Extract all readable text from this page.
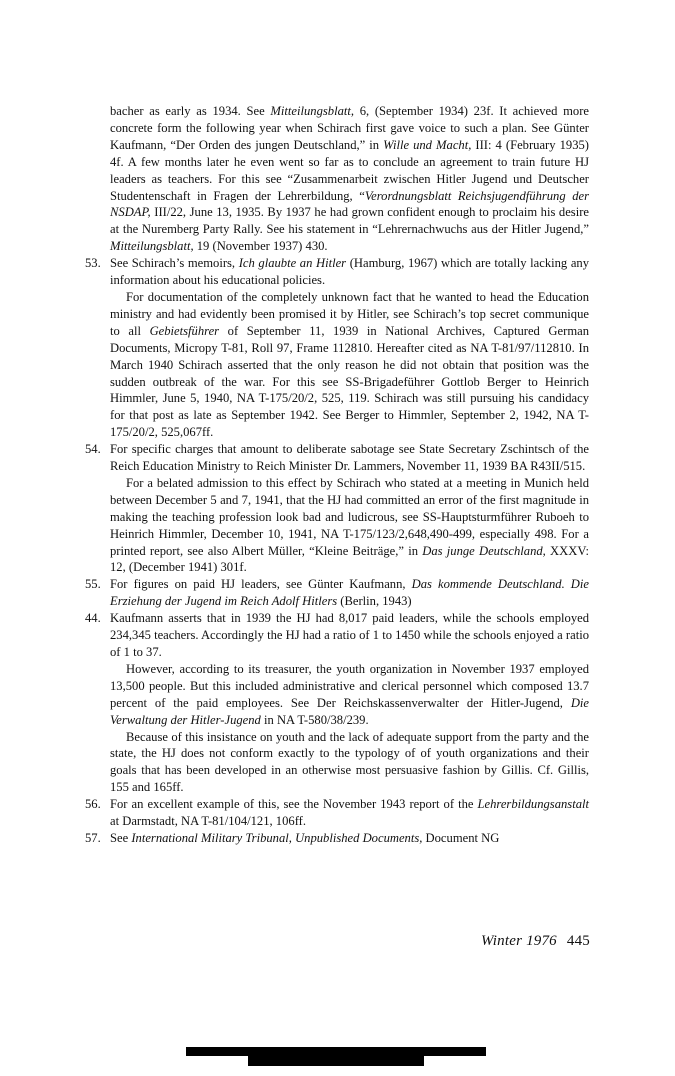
bacher as early as 1934. See Mitteilungsblatt, 6, (September 1934) 23f. It achieved more concrete form the following year when Schirach first gave voice to such a plan. See Günter Kaufmann, “Der Orden des jungen Deutschland,” in Wille und Macht, III: 4 (February 1935) 4f. A few months later he even went so far as to conclude an agreement to train future HJ leaders as teachers. For this see “Zusammenarbeit zwischen Hitler Jugend und Deutscher Studentenschaft in Fragen der Lehrerbildung, “Verordnungsblatt Reichsjugendführung der NSDAP, III/22, June 13, 1935. By 1937 he had grown confident enough to proclaim his desire at the Nuremberg Party Rally. See his statement in “Lehrernachwuchs aus der Hitler Jugend,” Mitteilungsblatt, 19 (November 1937) 430.

53. See Schirach’s memoirs, Ich glaubte an Hitler (Hamburg, 1967) which are totally lacking any information about his educational policies.

For documentation of the completely unknown fact that he wanted to head the Education ministry and had evidently been promised it by Hitler, see Schirach’s top secret communique to all Gebietsführer of September 11, 1939 in National Archives, Captured German Documents, Micropy T-81, Roll 97, Frame 112810. Hereafter cited as NA T-81/97/112810. In March 1940 Schirach asserted that the only reason he did not obtain that position was the sudden outbreak of the war. For this see SS-Brigadeführer Gottlob Berger to Heinrich Himmler, June 5, 1940, NA T-175/20/2, 525, 119. Schirach was still pursuing his candidacy for that post as late as September 1942. See Berger to Himmler, September 2, 1942, NA T-175/20/2, 525,067ff.

54. For specific charges that amount to deliberate sabotage see State Secretary Zschintsch of the Reich Education Ministry to Reich Minister Dr. Lammers, November 11, 1939 BA R43II/515.

For a belated admission to this effect by Schirach who stated at a meeting in Munich held between December 5 and 7, 1941, that the HJ had committed an error of the first magnitude in making the teaching profession look bad and ludicrous, see SS-Hauptsturmführer Ruboeh to Heinrich Himmler, December 10, 1941, NA T-175/123/2,648,490-499, especially 498. For a printed report, see also Albert Müller, “Kleine Beiträge,” in Das junge Deutschland, XXXV: 12, (December 1941) 301f.

55. For figures on paid HJ leaders, see Günter Kaufmann, Das kommende Deutschland. Die Erziehung der Jugend im Reich Adolf Hitlers (Berlin, 1943)

44. Kaufmann asserts that in 1939 the HJ had 8,017 paid leaders, while the schools employed 234,345 teachers. Accordingly the HJ had a ratio of 1 to 1450 while the schools enjoyed a ratio of 1 to 37.

However, according to its treasurer, the youth organization in November 1937 employed 13,500 people. But this included administrative and clerical personnel which composed 13.7 percent of the paid employees. See Der Reichskassenverwalter der Hitler-Jugend, Die Verwaltung der Hitler-Jugend in NA T-580/38/239.

Because of this insistance on youth and the lack of adequate support from the party and the state, the HJ does not conform exactly to the typology of of youth organizations and their goals that has been developed in an otherwise most persuasive fashion by Gillis. Cf. Gillis, 155 and 165ff.

56. For an excellent example of this, see the November 1943 report of the Lehrerbildungsanstalt at Darmstadt, NA T-81/104/121, 106ff.

57. See International Military Tribunal, Unpublished Documents, Document NG

Winter 1976 445
